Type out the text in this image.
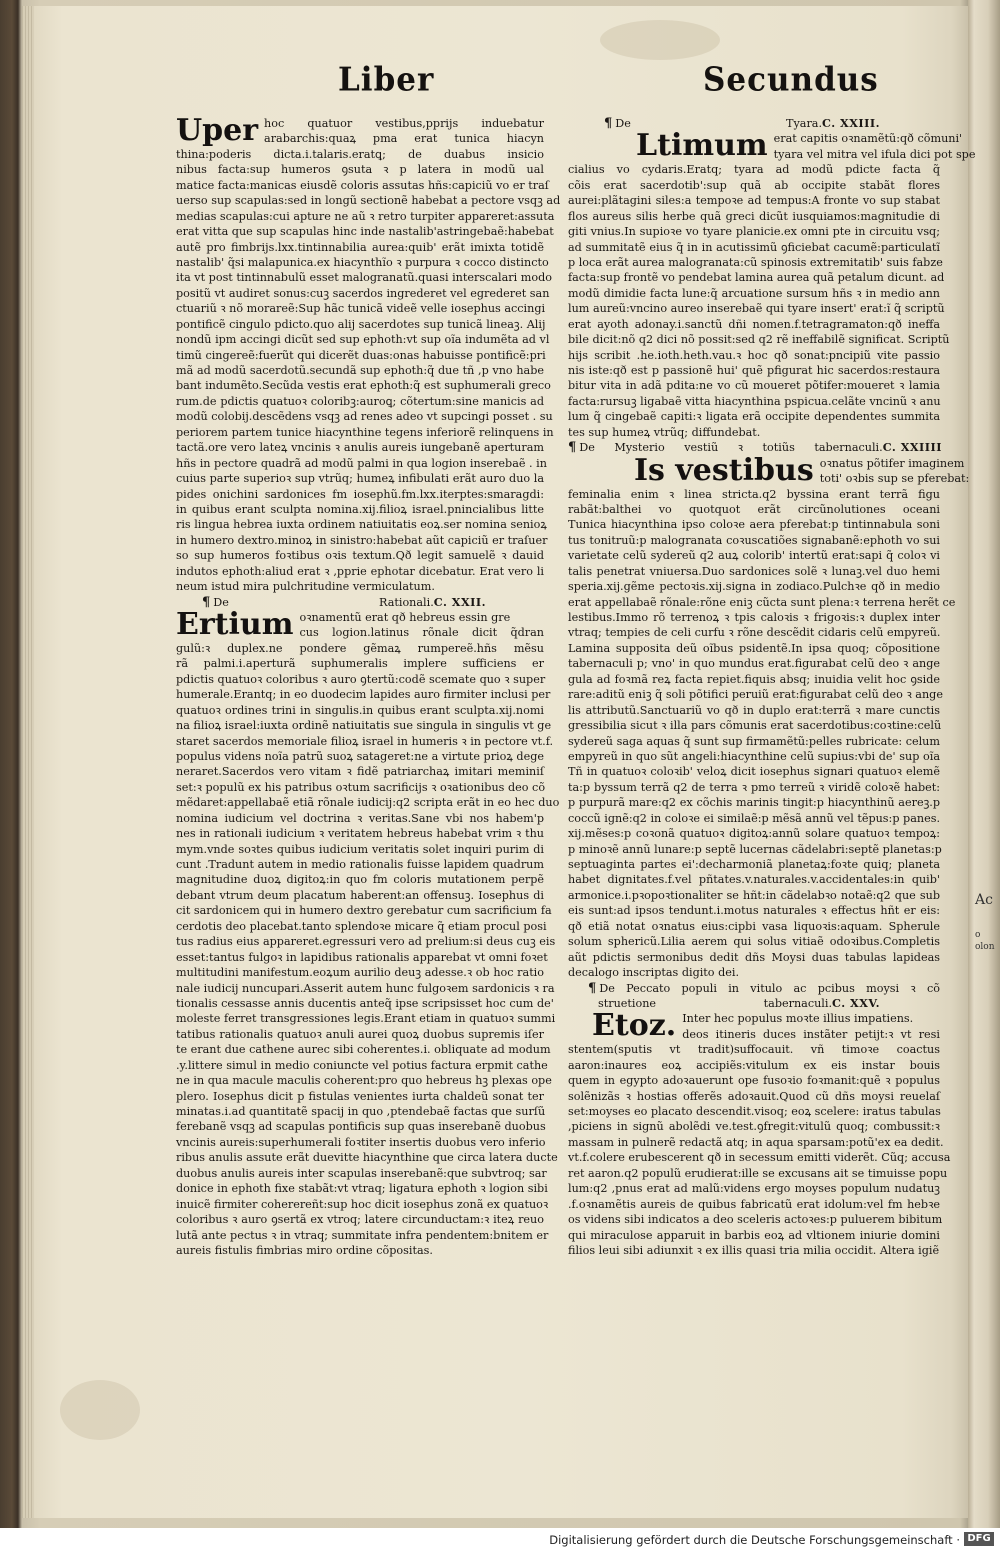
Ac
o
olon
Liber	Secundus
Uper hoc quatuor vestibus,pprijs induebatur
arabarchis:quaꝝ pma erat tunica hiacyn
thina:poderis dicta.i.talaris.eratꝗ; de duabus insicio
nibus facta:sup humeros ꝯsuta ꝛ p latera in modũ ual
matice facta:manicas eiusdẽ coloris assutas hñs:capiciũ vo er traſ
uerso sup scapulas:sed in longũ sectionẽ habebat a pectore vsqꝫ ad
medias scapulas:cui apture ne aũ ꝛ retro turpiter appareret:assuta
erat vitta que sup scapulas hinc inde nastalib'astringebaẽ:habebat
autẽ pro fimbrijs.lxx.tintinnabilia aurea:quib' erãt imixta totidẽ
nastalib' q̃si malapunica.ex hiacynthĩo ꝛ purpura ꝛ cocco distincto
ita vt post tintinnabulũ esset malogranatũ.quasi interscalari modo
positũ vt audiret sonus:cuꝫ sacerdos ingrederet vel egrederet san
ctuariũ ꝛ nõ morareẽ:Sup hãc tunicã videẽ velle iosephus accingi
pontificẽ cingulo pdicto.quo alij sacerdotes sup tunicã lineaꝫ. Alij
nondũ ipm accingi dicũt sed sup ephoth:vt sup oĩa indumẽta ad vl
timũ cingereẽ:fuerũt qui dicerẽt duas:onas habuisse pontificẽ:pri
mã ad modũ sacerdotũ.secundã sup ephoth:q̃ due tñ ,p vno habe
bant indumẽto.Secũda vestis erat ephoth:q̃ est suphumerali greco
rum.de pdictis quatuoꝛ coloribꝫ:auroꝗ; cõtertum:sine manicis ad
modũ colobij.descẽdens vsqꝫ ad renes adeo vt supcingi posset . su
periorem partem tunice hiacynthine tegens inferiorẽ relinquens in
tactã.ore vero lateꝝ vncinis ꝛ anulis aureis iungebanẽ aperturam
hñs in pectore quadrã ad modũ palmi in qua logion inserebaẽ . in
cuius parte superioꝛ sup vtrũq; humeꝝ infibulati erãt auro duo la
pides onichini sardonices fm iosephũ.fm.lxx.iterptes:smaragdi:
in quibus erant sculpta nomina.xij.filioꝝ israel.pnincialibus litte
ris lingua hebrea iuxta ordinem natiuitatis eoꝝ.ser nomina senioꝝ
in humero dextro.minoꝝ in sinistro:habebat aũt capiciũ er traſuer
so sup humeros foꝛtibus oꝛis textum.Qð legit samuelẽ ꝛ dauid
indutos ephoth:aliud erat ꝛ ,pprie ephotar dicebatur. Erat vero li
neum istud mira pulchritudine vermiculatum.
¶ De Rationali. C. XXII.
Ertium oꝛnamentũ erat qð hebreus essin gre
cus logion.latinus rõnale dicit q̃dran
gulũ:ꝛ duplex.ne pondere gẽmaꝝ rumpereẽ.hñs mẽsu
rã palmi.i.aperturã suphumeralis implere sufficiens er
pdictis quatuoꝛ coloribus ꝛ auro ꝯtertũ:codẽ scemate quo ꝛ super
humerale.Erantq; in eo duodecim lapides auro firmiter inclusi per
quatuoꝛ ordines trini in singulis.in quibus erant sculpta.xij.nomi
na filioꝝ israel:iuxta ordinẽ natiuitatis sue singula in singulis vt ge
staret sacerdos memoriale filioꝝ israel in humeris ꝛ in pectore vt.f.
populus videns noĩa patrũ suoꝝ satageret:ne a virtute prioꝝ dege
neraret.Sacerdos vero vitam ꝛ fidẽ patriarchaꝝ imitari meminiſ
set:ꝛ populũ ex his patribus oꝛtum sacrificijs ꝛ oꝛationibus deo cõ
mẽdaret:appellabaẽ etiã rõnale iudicij:q2 scripta erãt in eo hec duo
nomina iudicium vel doctrina ꝛ veritas.Sane vbi nos habem'p
nes in rationali iudicium ꝛ veritatem hebreus habebat vrim ꝛ thu
mym.vnde soꝛtes quibus iudicium veritatis solet inquiri purim di
cunt .Tradunt autem in medio rationalis fuisse lapidem quadrum
magnitudine duoꝝ digitoꝝ:in quo fm coloris mutationem perpẽ
debant vtrum deum placatum haberent:an offensuꝫ. Iosephus di
cit sardonicem qui in humero dextro gerebatur cum sacrificium fa
cerdotis deo placebat.tanto splendoꝛe micare q̃ etiam procul posi
tus radius eius appareret.egressuri vero ad prelium:si deus cuꝫ eis
esset:tantus fulgoꝛ in lapidibus rationalis apparebat vt omni foꝛet
multitudini manifestum.eoꝝum aurilio deuꝫ adesse.ꝛ ob hoc ratio
nale iudicij nuncupari.Asserit autem hunc fulgoꝛem sardonicis ꝛ ra
tionalis cessasse annis ducentis anteq̃ ipse scripsisset hoc cum de'
moleste ferret transgressiones legis.Erant etiam in quatuoꝛ summi
tatibus rationalis quatuoꝛ anuli aurei quoꝝ duobus supremis iſer
te erant due cathene aurec sibi coherentes.i. obliquate ad modum
.y.littere simul in medio coniuncte vel potius factura erpmit cathe
ne in qua macule maculis coherent:pro quo hebreus hꝫ plexas ope
plero. Iosephus dicit p fistulas venientes iurta chaldeũ sonat ter
minatas.i.ad quantitatẽ spacij in quo ,ptendebaẽ factas que surſũ
ferebanẽ vsqꝫ ad scapulas pontificis sup quas inserebanẽ duobus
vncinis aureis:superhumerali foꝛtiter insertis duobus vero inferio
ribus anulis assute erãt duevitte hiacynthine que circa latera ducte
duobus anulis aureis inter scapulas inserebanẽ:que subvtroq; sar
donice in ephoth fixe stabãt:vt vtraq; ligatura ephoth ꝛ logion sibi
inuicẽ firmiter coherereñt:sup hoc dicit iosephus zonã ex quatuoꝛ
coloribus ꝛ auro ꝯsertã ex vtroq; latere circunductam:ꝛ iteꝝ reuo
lutã ante pectus ꝛ in vtraq; summitate infra pendentem:bnitem er
aureis fistulis fimbrias miro ordine cõpositas.
¶ De Tyara. C. XXIII.
Ltimum erat capitis oꝛnamẽtũ:qð cõmuni'
tyara vel mitra vel ifula dici pot spe
cialius vo cydaris.Eratq; tyara ad modũ pdicte facta q̃
cõis erat sacerdotib':sup quã ab occipite stabãt flores
aurei:plãtagini siles:a tempoꝛe ad tempus:A fronte vo sup stabat
flos aureus silis herbe quã greci dicũt iusquiamos:magnitudie di
giti vnius.In supioꝛe vo tyare planicie.ex omni pte in circuitu vsq;
ad summitatẽ eius q̃ in in acutissimũ ꝯficiebat cacumẽ:particulatĩ
p loca erãt aurea malogranata:cũ spinosis extremitatib' suis fabze
facta:sup frontẽ vo pendebat lamina aurea quã petalum dicunt. ad
modũ dimidie facta lune:q̃ arcuatione sursum hñs ꝛ in medio ann
lum aureũ:vncino aureo inserebaẽ qui tyare insert' erat:ĩ q̃ scriptũ
erat ayoth adonay.i.sanctũ dñi nomen.f.tetragramaton:qð ineffa
bile dicit:nõ q2 dici nõ possit:sed q2 rẽ ineffabilẽ significat. Scriptũ
hijs scribit .he.ioth.heth.vau.ꝛ hoc qð sonat:pncipiũ vite passio
nis iste:qð est p passionẽ hui' quẽ pfigurat hic sacerdos:restaura
bitur vita in adã pdita:ne vo cũ moueret põtifer:moueret ꝛ lamia
facta:rursuꝫ ligabaẽ vitta hiacynthina pspicua.celãte vncinũ ꝛ anu
lum q̃ cingebaẽ capiti:ꝛ ligata erã occipite dependentes summita
tes sup humeꝝ vtrũq; diffundebat.
¶ De Mysterio vestiũ ꝛ totiũs tabernaculi. C. XXIIII
Is vestibus oꝛnatus põtifer imaginem
toti' oꝛbis sup se pferebat:
feminalia enim ꝛ linea stricta.q2 byssina erant terrã figu
rabãt:balthei vo quotquot erãt circũnolutiones oceani
Tunica hiacynthina ipso coloꝛe aera pferebat:p tintinnabula soni
tus tonitruũ:p malogranata coꝛuscatiões signabanẽ:ephoth vo sui
varietate celũ sydereũ q2 auꝝ colorib' intertũ erat:sapi q̃ coloꝛ vi
talis penetrat vniuersa.Duo sardonices solẽ ꝛ lunaꝫ.vel duo hemi
speria.xij.gẽme pectoꝛis.xij.signa in zodiaco.Pulchꝛe qð in medio
erat appellabaẽ rõnale:rõne eniꝫ cũcta sunt plena:ꝛ terrena herẽt ce
lestibus.Immo rõ terrenoꝝ ꝛ tpis caloꝛis ꝛ frigoꝛis:ꝛ duplex inter
vtraq; tempies de celi curfu ꝛ rõne descẽdit cidaris celũ empyreũ.
Lamina supposita deũ oĩbus psidentẽ.In ipsa quoq; cõpositione
tabernaculi p; vno' in quo mundus erat.figurabat celũ deo ꝛ ange
gula ad foꝛmã reꝝ facta repiet.fiquis absq; inuidia velit hoc ꝯside
rare:aditũ eniꝫ q̃ soli põtifici peruiũ erat:figurabat celũ deo ꝛ ange
lis attributũ.Sanctuariũ vo qð in duplo erat:terrã ꝛ mare cunctis
gressibilia sicut ꝛ illa pars cõmunis erat sacerdotibus:coꝛtine:celũ
sydereũ saga aquas q̃ sunt sup firmamẽtũ:pelles rubricate: celum
empyreũ in quo sũt angeli:hiacynthine celũ supius:vbi de' sup oĩa
Tñ in quatuoꝛ coloꝛib' veloꝝ dicit iosephus signari quatuoꝛ elemẽ
ta:p byssum terrã q2 de terra ꝛ pmo terreũ ꝛ viridẽ coloꝛẽ habet:
p purpurã mare:q2 ex cõchis marinis tingit:p hiacynthinũ aereꝫ.p
coccũ ignẽ:q2 in coloꝛe ei similaẽ:p mẽsã annũ vel tẽpus:p panes.
xij.mẽses:p coꝛonã quatuoꝛ digitoꝝ:annũ solare quatuoꝛ tempoꝝ:
p minoꝛẽ annũ lunare:p septẽ lucernas cãdelabri:septẽ planetas:p
septuaginta partes ei':decharmoniã planetaꝝ:foꝛte quiq; planeta
habet dignitates.f.vel pñtates.v.naturales.v.accidentales:in quib'
armonice.i.pꝛopoꝛtionaliter se hñt:in cãdelabꝛo notaẽ:q2 que sub
eis sunt:ad ipsos tendunt.i.motus naturales ꝛ effectus hñt er eis:
qð etiã notat oꝛnatus eius:cipbi vasa liquoꝛis:aquam. Spherule
solum sphericũ.Lilia aerem qui solus vitiaẽ odoꝛibus.Completis
aũt pdictis sermonibus dedit dñs Moysi duas tabulas lapideas
decalogo inscriptas digito dei.
¶ De Peccato populi in vitulo ac pcibus moysi ꝛ cõ
struetione tabernaculi. C. XXV.
Etoz. Inter hec populus moꝛte illius impatiens.
deos itineris duces instãter petijt:ꝛ vt resi
stentem(sputis vt tradit)suffocauit. vñ timoꝛe coactus
aaron:inaures eoꝝ accipiẽs:vitulum ex eis instar bouis
quem in egypto adoꝛauerunt ope fusoꝛio foꝛmanit:quẽ ꝛ populus
solẽnizãs ꝛ hostias offerẽs adoꝛauit.Quod cũ dñs moysi reuelaſ
set:moyses eo placato descendit.visoq; eoꝝ scelere: iratus tabulas
,piciens in signũ abolẽdi ve.test.ꝯfregit:vitulũ quoq; combussit:ꝛ
massam in pulnerẽ redactã atq; in aqua sparsam:potũ'ex ea dedit.
vt.f.colere erubescerent qð in secessum emitti viderẽt. Cũq; accusa
ret aaron.q2 populũ erudierat:ille se excusans ait se timuisse popu
lum:q2 ,pnus erat ad malũ:videns ergo moyses populum nudatuꝫ
.f.oꝛnamẽtis aureis de quibus fabricatũ erat idolum:vel fm hebꝛe
os videns sibi indicatos a deo sceleris actoꝛes:p puluerem bibitum
qui miraculose apparuit in barbis eoꝝ ad vltionem iniurie domini
filios leui sibi adiunxit ꝛ ex illis quasi tria milia occidit. Altera igiẽ
Digitalisierung gefördert durch die Deutsche Forschungsgemeinschaft · DFG
